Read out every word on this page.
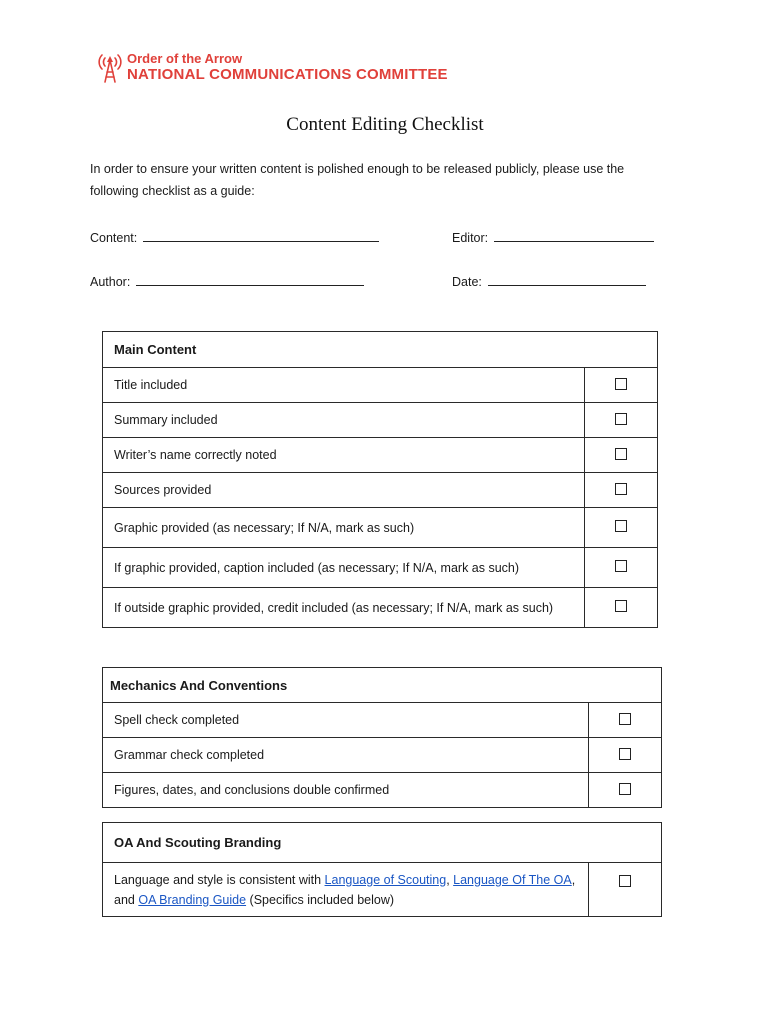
Order of the Arrow
NATIONAL COMMUNICATIONS COMMITTEE
Content Editing Checklist
In order to ensure your written content is polished enough to be released publicly, please use the following checklist as a guide:
Content:	Editor:
Author:	Date:
Main Content	
Title included	
Summary included	
Writer’s name correctly noted	
Sources provided	
Graphic provided (as necessary; If N/A, mark as such)	
If graphic provided, caption included (as necessary; If N/A, mark as such)	
If outside graphic provided, credit included (as necessary; If N/A, mark as such)	
Mechanics And Conventions	
Spell check completed	
Grammar check completed	
Figures, dates, and conclusions double confirmed	
OA And Scouting Branding
Language and style is consistent with Language of Scouting, Language Of The OA, and OA Branding Guide (Specifics included below)	
